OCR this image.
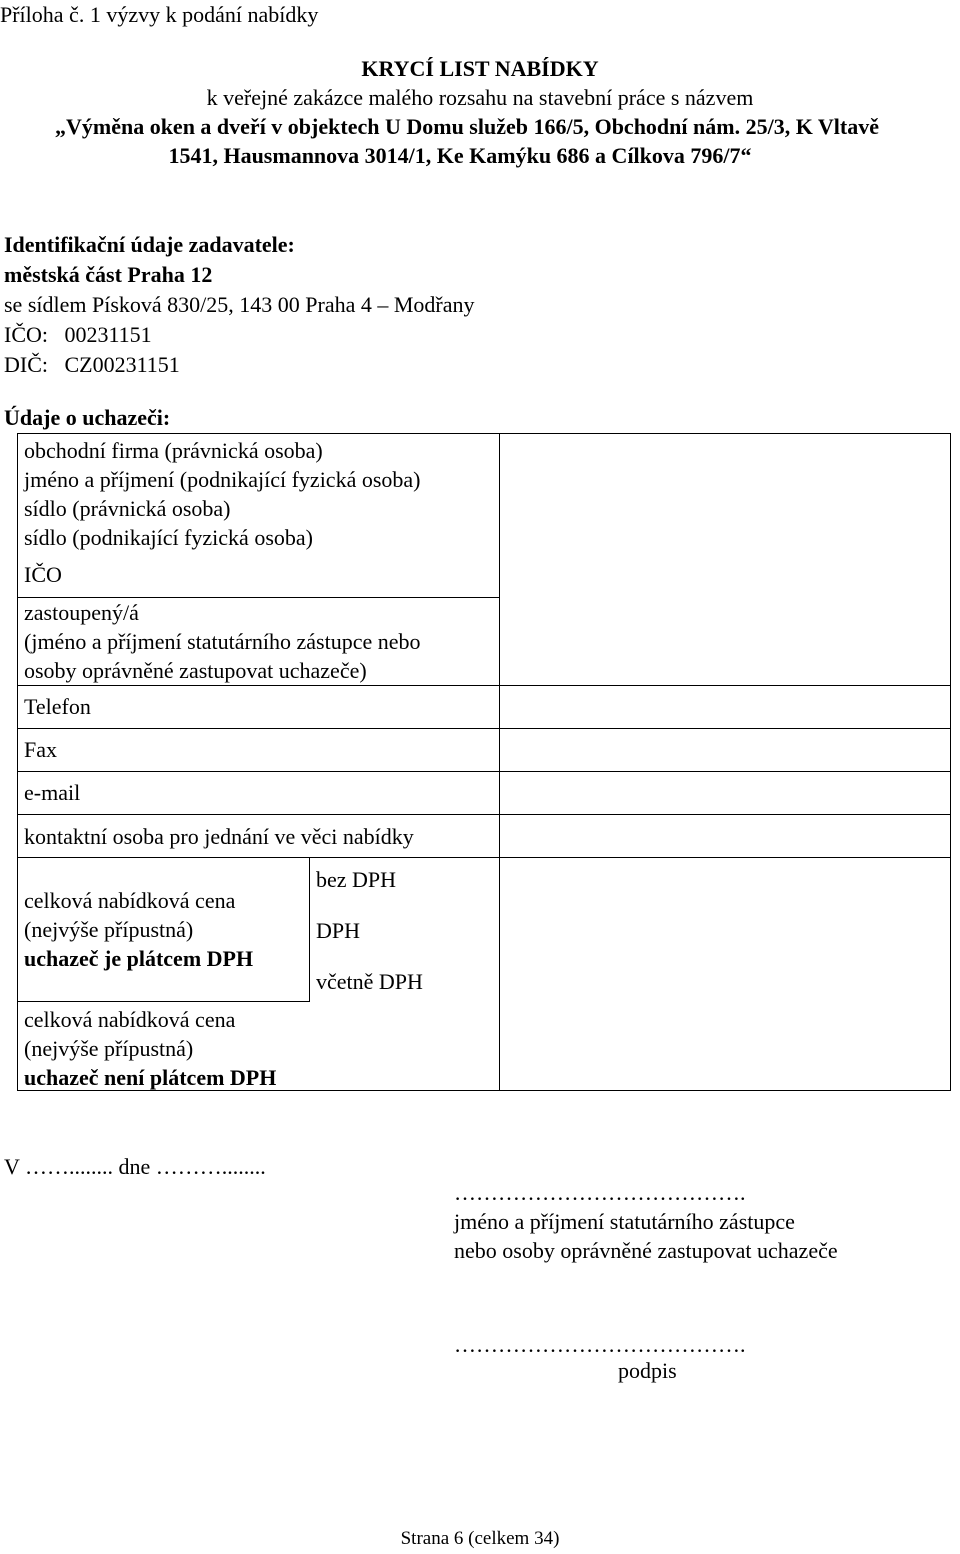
Příloha č. 1 výzvy k podání nabídky
KRYCÍ LIST NABÍDKY
k veřejné zakázce malého rozsahu na stavební práce s názvem
„Výměna oken a dveří v objektech U Domu služeb 166/5, Obchodní nám. 25/3, K Vltavě
1541, Hausmannova 3014/1, Ke Kamýku 686 a Cílkova 796/7“
Identifikační údaje zadavatele:
městská část Praha 12
se sídlem Písková 830/25, 143 00 Praha 4 – Modřany
IČO:   00231151
DIČ:   CZ00231151
Údaje o uchazeči:
obchodní firma (právnická osoba)
jméno a příjmení (podnikající fyzická osoba)
sídlo (právnická osoba)
sídlo (podnikající fyzická osoba)
IČO
zastoupený/á
(jméno a příjmení statutárního zástupce nebo
osoby oprávněné zastupovat uchazeče)
Telefon
Fax
e-mail
kontaktní osoba pro jednání ve věci nabídky
celková nabídková cena
(nejvýše přípustná)
uchazeč je plátcem DPH
bez DPH
DPH
včetně DPH
celková nabídková cena
(nejvýše přípustná)
uchazeč není plátcem DPH
V ……........ dne ………........
………………………………….
jméno a příjmení statutárního zástupce
nebo osoby oprávněné zastupovat uchazeče
………………………………….
podpis
Strana 6 (celkem 34)
